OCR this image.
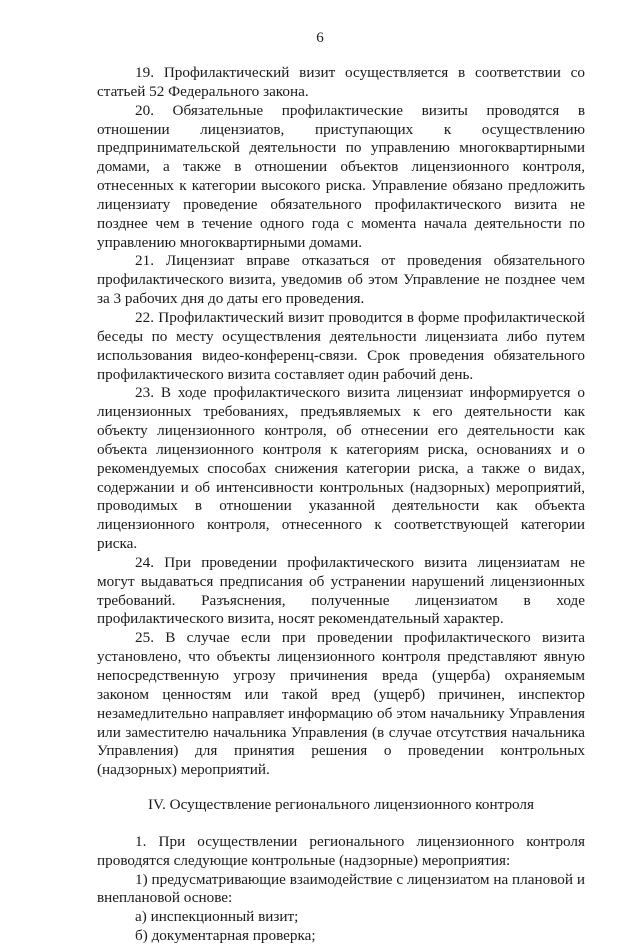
6

19. Профилактический визит осуществляется в соответствии со статьей 52 Федерального закона.

20. Обязательные профилактические визиты проводятся в отношении лицензиатов, приступающих к осуществлению предпринимательской деятельности по управлению многоквартирными домами, а также в отношении объектов лицензионного контроля, отнесенных к категории высокого риска. Управление обязано предложить лицензиату проведение обязательного профилактического визита не позднее чем в течение одного года с момента начала деятельности по управлению многоквартирными домами.

21. Лицензиат вправе отказаться от проведения обязательного профилактического визита, уведомив об этом Управление не позднее чем за 3 рабочих дня до даты его проведения.

22. Профилактический визит проводится в форме профилактической беседы по месту осуществления деятельности лицензиата либо путем использования видео-конференц-связи. Срок проведения обязательного профилактического визита составляет один рабочий день.

23. В ходе профилактического визита лицензиат информируется о лицензионных требованиях, предъявляемых к его деятельности как объекту лицензионного контроля, об отнесении его деятельности как объекта лицензионного контроля к категориям риска, основаниях и о рекомендуемых способах снижения категории риска, а также о видах, содержании и об интенсивности контрольных (надзорных) мероприятий, проводимых в отношении указанной деятельности как объекта лицензионного контроля, отнесенного к соответствующей категории риска.

24. При проведении профилактического визита лицензиатам не могут выдаваться предписания об устранении нарушений лицензионных требований. Разъяснения, полученные лицензиатом в ходе профилактического визита, носят рекомендательный характер.

25. В случае если при проведении профилактического визита установлено, что объекты лицензионного контроля представляют явную непосредственную угрозу причинения вреда (ущерба) охраняемым законом ценностям или такой вред (ущерб) причинен, инспектор незамедлительно направляет информацию об этом начальнику Управления или заместителю начальника Управления (в случае отсутствия начальника Управления) для принятия решения о проведении контрольных (надзорных) мероприятий.

IV. Осуществление регионального лицензионного контроля

1. При осуществлении регионального лицензионного контроля проводятся следующие контрольные (надзорные) мероприятия:

1) предусматривающие взаимодействие с лицензиатом на плановой и внеплановой основе:

а) инспекционный визит;

б) документарная проверка;
